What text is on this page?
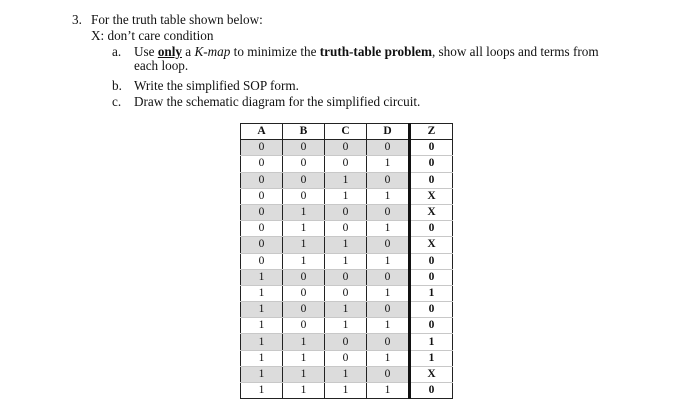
3. For the truth table shown below:
X: don’t care condition
a. Use only a K-map to minimize the truth-table problem, show all loops and terms from
each loop.
b. Write the simplified SOP form.
c. Draw the schematic diagram for the simplified circuit.
A	B	C	D	Z
0	0	0	0	0
0	0	0	1	0
0	0	1	0	0
0	0	1	1	X
0	1	0	0	X
0	1	0	1	0
0	1	1	0	X
0	1	1	1	0
1	0	0	0	0
1	0	0	1	1
1	0	1	0	0
1	0	1	1	0
1	1	0	0	1
1	1	0	1	1
1	1	1	0	X
1	1	1	1	0
